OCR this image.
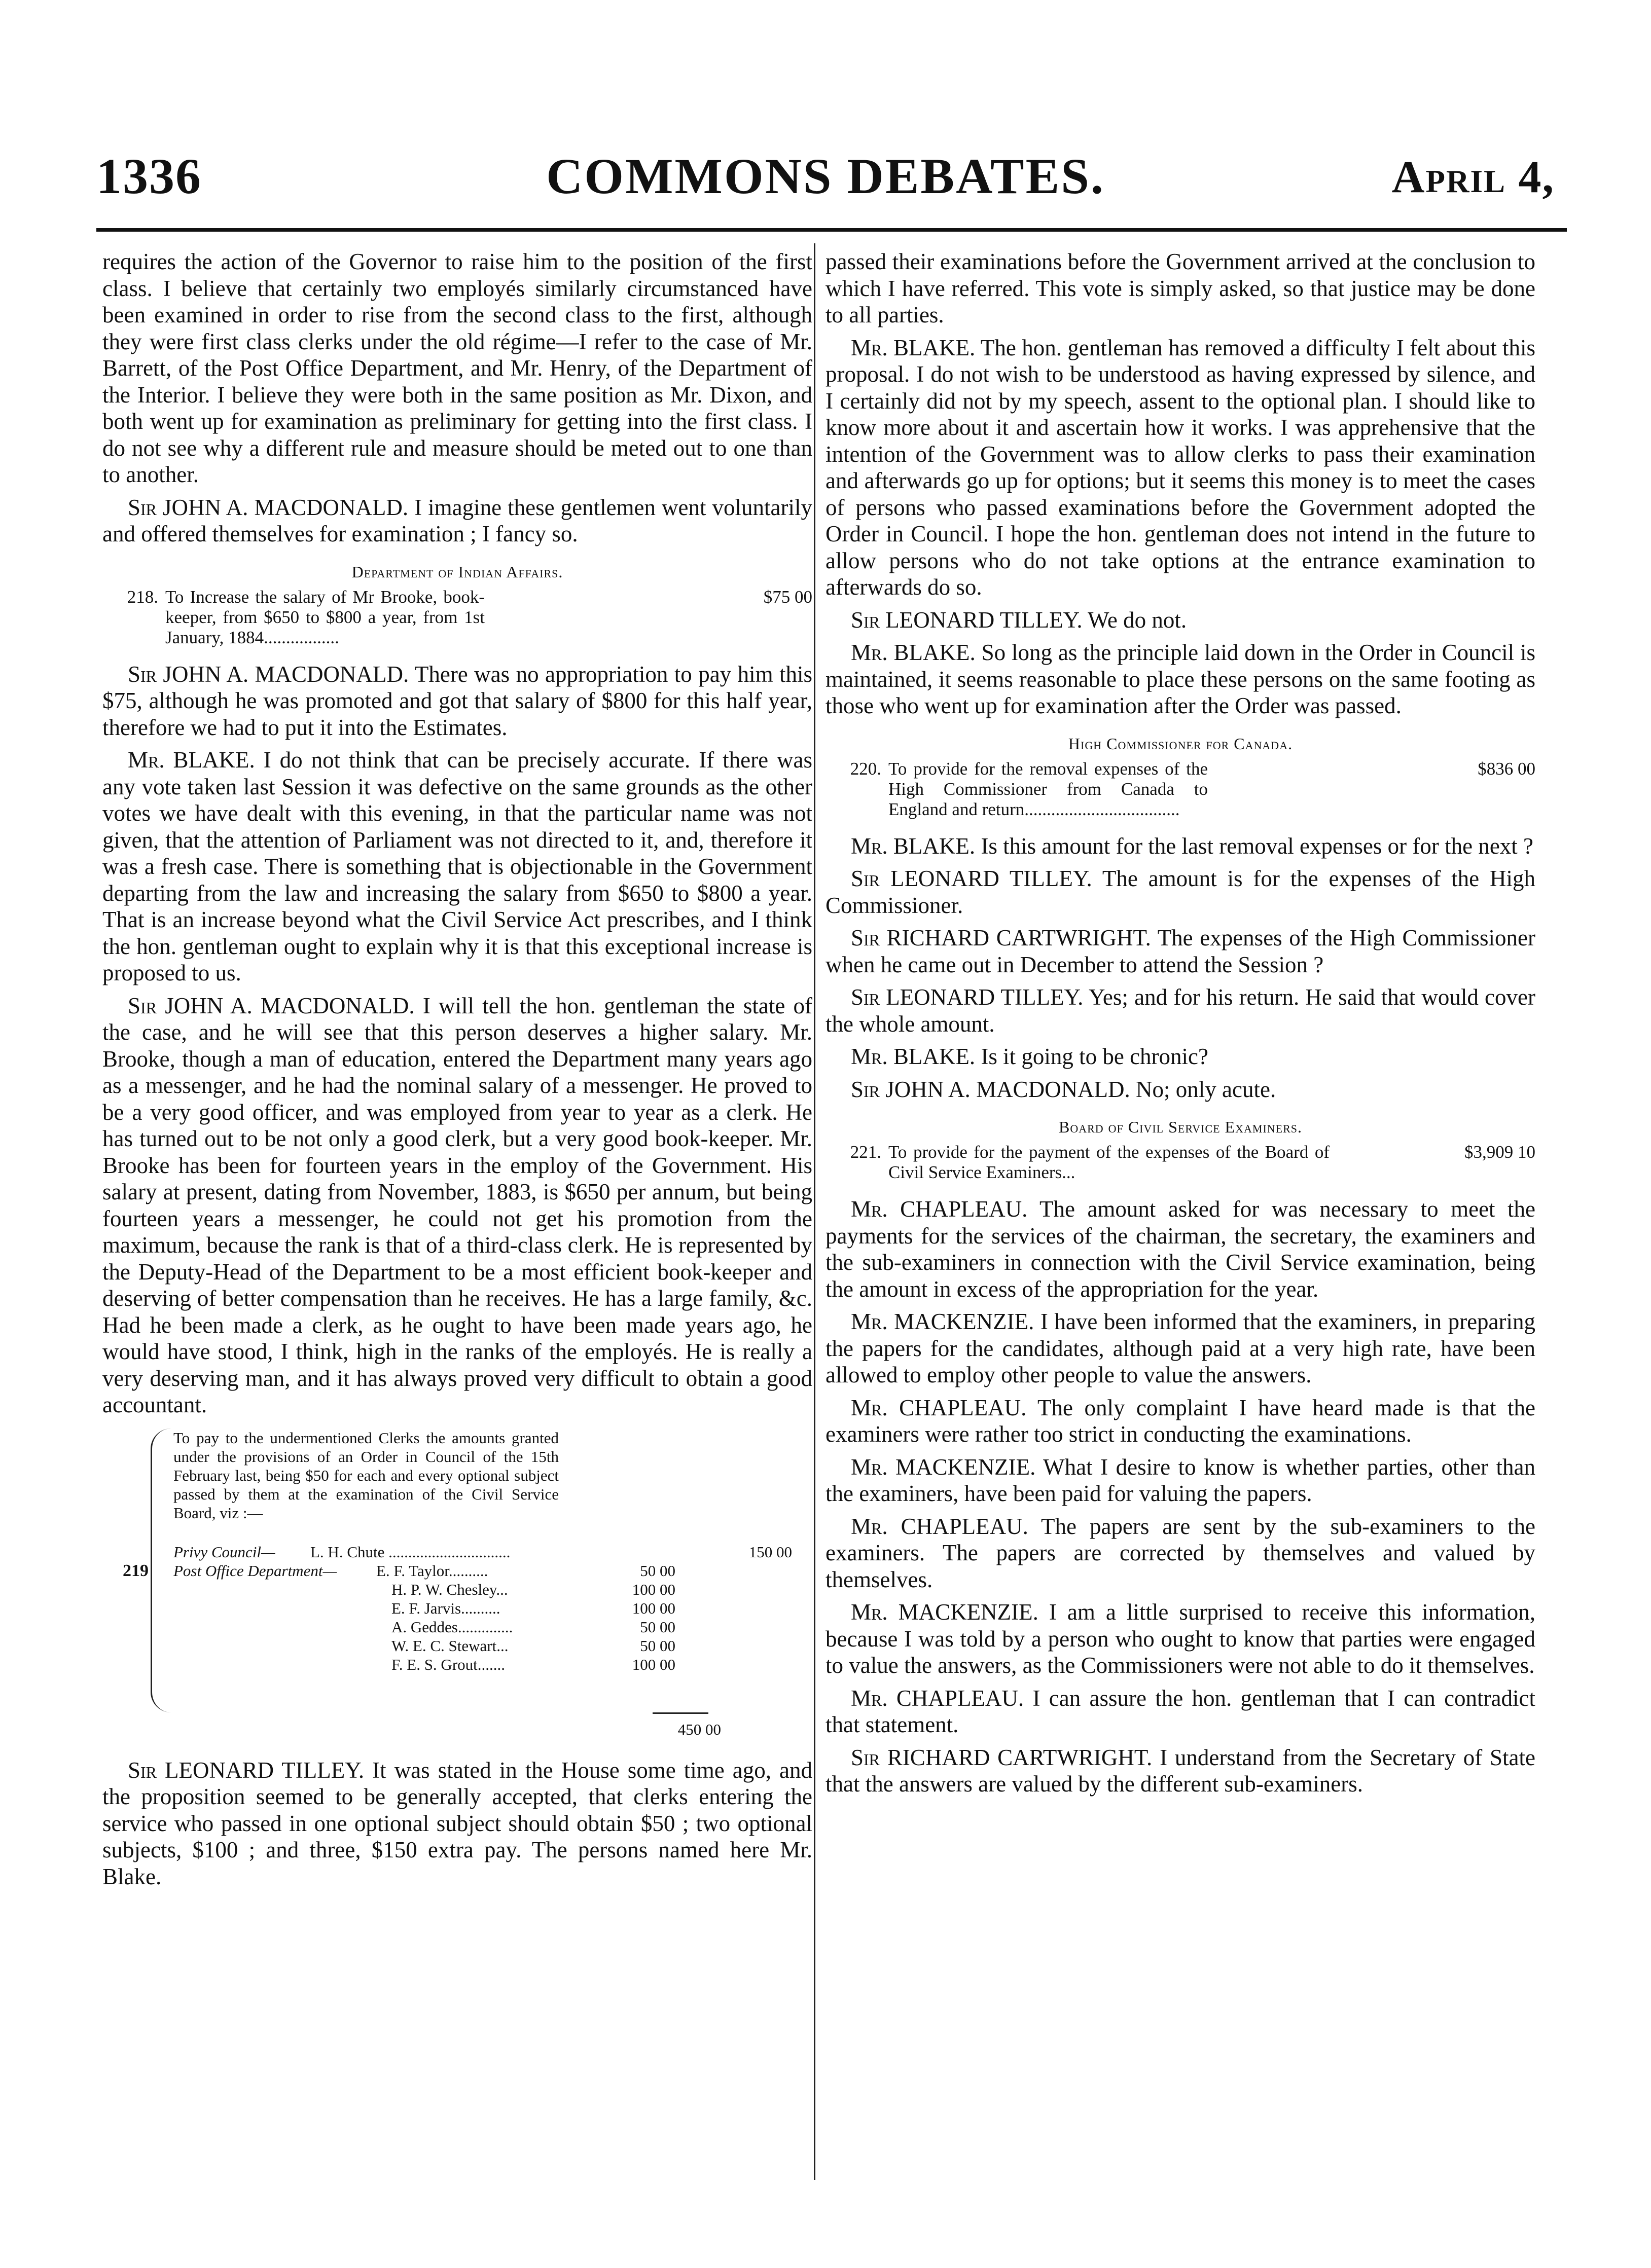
1336	COMMONS DEBATES.	April 4,

requires the action of the Governor to raise him to the position of the first class. I believe that certainly two employés similarly circumstanced have been examined in order to rise from the second class to the first, although they were first class clerks under the old régime—I refer to the case of Mr. Barrett, of the Post Office Department, and Mr. Henry, of the Department of the Interior. I believe they were both in the same position as Mr. Dixon, and both went up for examination as preliminary for getting into the first class. I do not see why a different rule and measure should be meted out to one than to another.

Sir JOHN A. MACDONALD. I imagine these gentlemen went voluntarily and offered themselves for examination ; I fancy so.

Department of Indian Affairs.
218. To Increase the salary of Mr Brooke, book-keeper, from $650 to $800 a year, from 1st January, 1884.................
$75 00

Sir JOHN A. MACDONALD. There was no appropriation to pay him this $75, although he was promoted and got that salary of $800 for this half year, therefore we had to put it into the Estimates.

Mr. BLAKE. I do not think that can be precisely accurate. If there was any vote taken last Session it was defective on the same grounds as the other votes we have dealt with this evening, in that the particular name was not given, that the attention of Parliament was not directed to it, and, therefore it was a fresh case. There is something that is objectionable in the Government departing from the law and increasing the salary from $650 to $800 a year. That is an increase beyond what the Civil Service Act prescribes, and I think the hon. gentleman ought to explain why it is that this exceptional increase is proposed to us.

Sir JOHN A. MACDONALD. I will tell the hon. gentleman the state of the case, and he will see that this person deserves a higher salary. Mr. Brooke, though a man of education, entered the Department many years ago as a messenger, and he had the nominal salary of a messenger. He proved to be a very good officer, and was employed from year to year as a clerk. He has turned out to be not only a good clerk, but a very good book-keeper. Mr. Brooke has been for fourteen years in the employ of the Government. His salary at present, dating from November, 1883, is $650 per annum, but being fourteen years a messenger, he could not get his promotion from the maximum, because the rank is that of a third-class clerk. He is represented by the Deputy-Head of the Department to be a most efficient book-keeper and deserving of better compensation than he receives. He has a large family, &c. Had he been made a clerk, as he ought to have been made years ago, he would have stood, I think, high in the ranks of the employés. He is really a very deserving man, and it has always proved very difficult to obtain a good accountant.

219
To pay to the undermentioned Clerks the amounts granted under the provisions of an Order in Council of the 15th February last, being $50 for each and every optional subject passed by them at the examination of the Civil Service Board, viz :—
Privy Council— L. H. Chute ...............................	150 00
Post Office Department—	E. F. Taylor..........	50 00
H. P. W. Chesley...	100 00
E. F. Jarvis..........	100 00
A. Geddes..............	50 00
W. E. C. Stewart...	50 00
F. E. S. Grout.......	100 00
450 00

Sir LEONARD TILLEY. It was stated in the House some time ago, and the proposition seemed to be generally accepted, that clerks entering the service who passed in one optional subject should obtain $50 ; two optional subjects, $100 ; and three, $150 extra pay. The persons named here Mr. Blake.

passed their examinations before the Government arrived at the conclusion to which I have referred. This vote is simply asked, so that justice may be done to all parties.

Mr. BLAKE. The hon. gentleman has removed a difficulty I felt about this proposal. I do not wish to be understood as having expressed by silence, and I certainly did not by my speech, assent to the optional plan. I should like to know more about it and ascertain how it works. I was apprehensive that the intention of the Government was to allow clerks to pass their examination and afterwards go up for options; but it seems this money is to meet the cases of persons who passed examinations before the Government adopted the Order in Council. I hope the hon. gentleman does not intend in the future to allow persons who do not take options at the entrance examination to afterwards do so.

Sir LEONARD TILLEY. We do not.

Mr. BLAKE. So long as the principle laid down in the Order in Council is maintained, it seems reasonable to place these persons on the same footing as those who went up for examination after the Order was passed.

High Commissioner for Canada.
220. To provide for the removal expenses of the High Commissioner from Canada to England and return...................................
$836 00

Mr. BLAKE. Is this amount for the last removal expenses or for the next ?

Sir LEONARD TILLEY. The amount is for the expenses of the High Commissioner.

Sir RICHARD CARTWRIGHT. The expenses of the High Commissioner when he came out in December to attend the Session ?

Sir LEONARD TILLEY. Yes; and for his return. He said that would cover the whole amount.

Mr. BLAKE. Is it going to be chronic?

Sir JOHN A. MACDONALD. No; only acute.

Board of Civil Service Examiners.
221. To provide for the payment of the expenses of the Board of Civil Service Examiners...
$3,909 10

Mr. CHAPLEAU. The amount asked for was necessary to meet the payments for the services of the chairman, the secretary, the examiners and the sub-examiners in connection with the Civil Service examination, being the amount in excess of the appropriation for the year.

Mr. MACKENZIE. I have been informed that the examiners, in preparing the papers for the candidates, although paid at a very high rate, have been allowed to employ other people to value the answers.

Mr. CHAPLEAU. The only complaint I have heard made is that the examiners were rather too strict in conducting the examinations.

Mr. MACKENZIE. What I desire to know is whether parties, other than the examiners, have been paid for valuing the papers.

Mr. CHAPLEAU. The papers are sent by the sub-examiners to the examiners. The papers are corrected by themselves and valued by themselves.

Mr. MACKENZIE. I am a little surprised to receive this information, because I was told by a person who ought to know that parties were engaged to value the answers, as the Commissioners were not able to do it themselves.

Mr. CHAPLEAU. I can assure the hon. gentleman that I can contradict that statement.

Sir RICHARD CARTWRIGHT. I understand from the Secretary of State that the answers are valued by the different sub-examiners.
